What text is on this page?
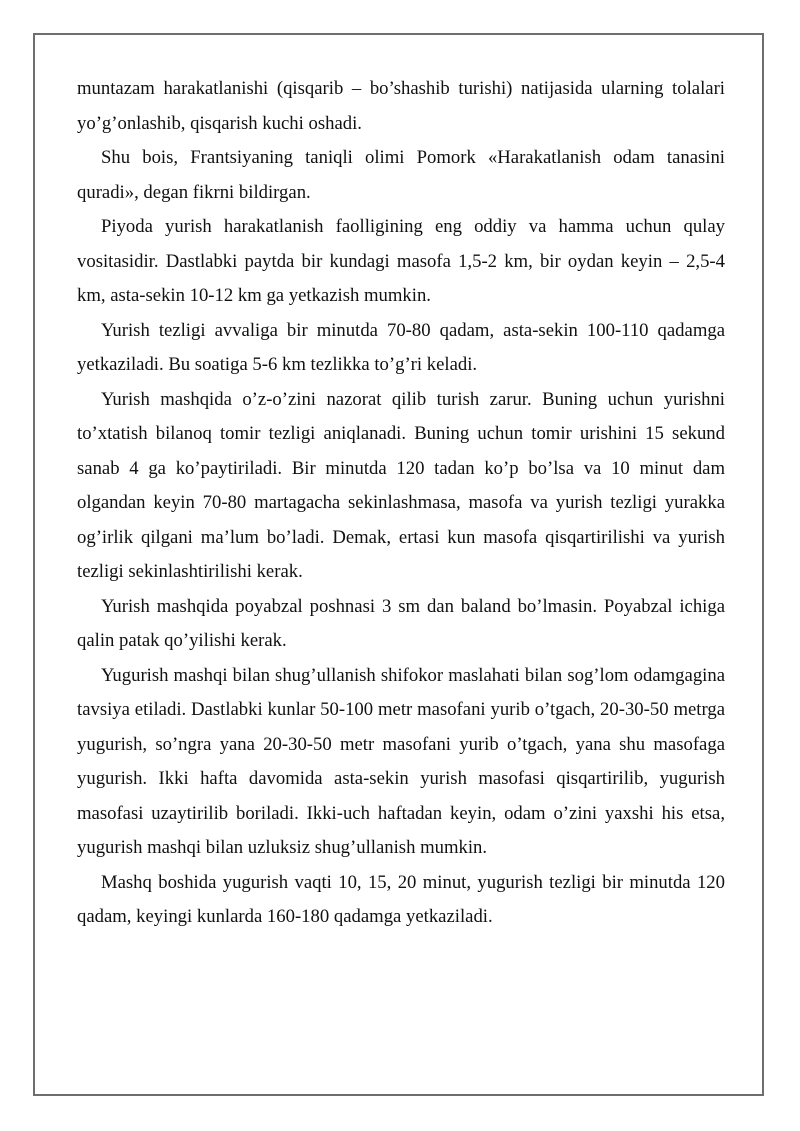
muntazam harakatlanishi (qisqarib – bo’shashib turishi) natijasida ularning tolalari yo’g’onlashib, qisqarish kuchi oshadi.

Shu bois, Frantsiyaning taniqli olimi Pomork «Harakatlanish odam tanasini quradi», degan fikrni bildirgan.

Piyoda yurish harakatlanish faolligining eng oddiy va hamma uchun qulay vositasidir. Dastlabki paytda bir kundagi masofa 1,5-2 km, bir oydan keyin – 2,5-4 km, asta-sekin 10-12 km ga yetkazish mumkin.

Yurish tezligi avvaliga bir minutda 70-80 qadam, asta-sekin 100-110 qadamga yetkaziladi. Bu soatiga 5-6 km tezlikka to’g’ri keladi.

Yurish mashqida o’z-o’zini nazorat qilib turish zarur. Buning uchun yurishni to’xtatish bilanoq tomir tezligi aniqlanadi. Buning uchun tomir urishini 15 sekund sanab 4 ga ko’paytiriladi. Bir minutda 120 tadan ko’p bo’lsa va 10 minut dam olgandan keyin 70-80 martagacha sekinlashmasa, masofa va yurish tezligi yurakka og’irlik qilgani ma’lum bo’ladi. Demak, ertasi kun masofa qisqartirilishi va yurish tezligi sekinlashtirilishi kerak.

Yurish mashqida poyabzal poshnasi 3 sm dan baland bo’lmasin. Poyabzal ichiga qalin patak qo’yilishi kerak.

Yugurish mashqi bilan shug’ullanish shifokor maslahati bilan sog’lom odamgagina tavsiya etiladi. Dastlabki kunlar 50-100 metr masofani yurib o’tgach, 20-30-50 metrga yugurish, so’ngra yana 20-30-50 metr masofani yurib o’tgach, yana shu masofaga yugurish. Ikki hafta davomida asta-sekin yurish masofasi qisqartirilib, yugurish masofasi uzaytirilib boriladi. Ikki-uch haftadan keyin, odam o’zini yaxshi his etsa, yugurish mashqi bilan uzluksiz shug’ullanish mumkin.

Mashq boshida yugurish vaqti 10, 15, 20 minut, yugurish tezligi bir minutda 120 qadam, keyingi kunlarda 160-180 qadamga yetkaziladi.
